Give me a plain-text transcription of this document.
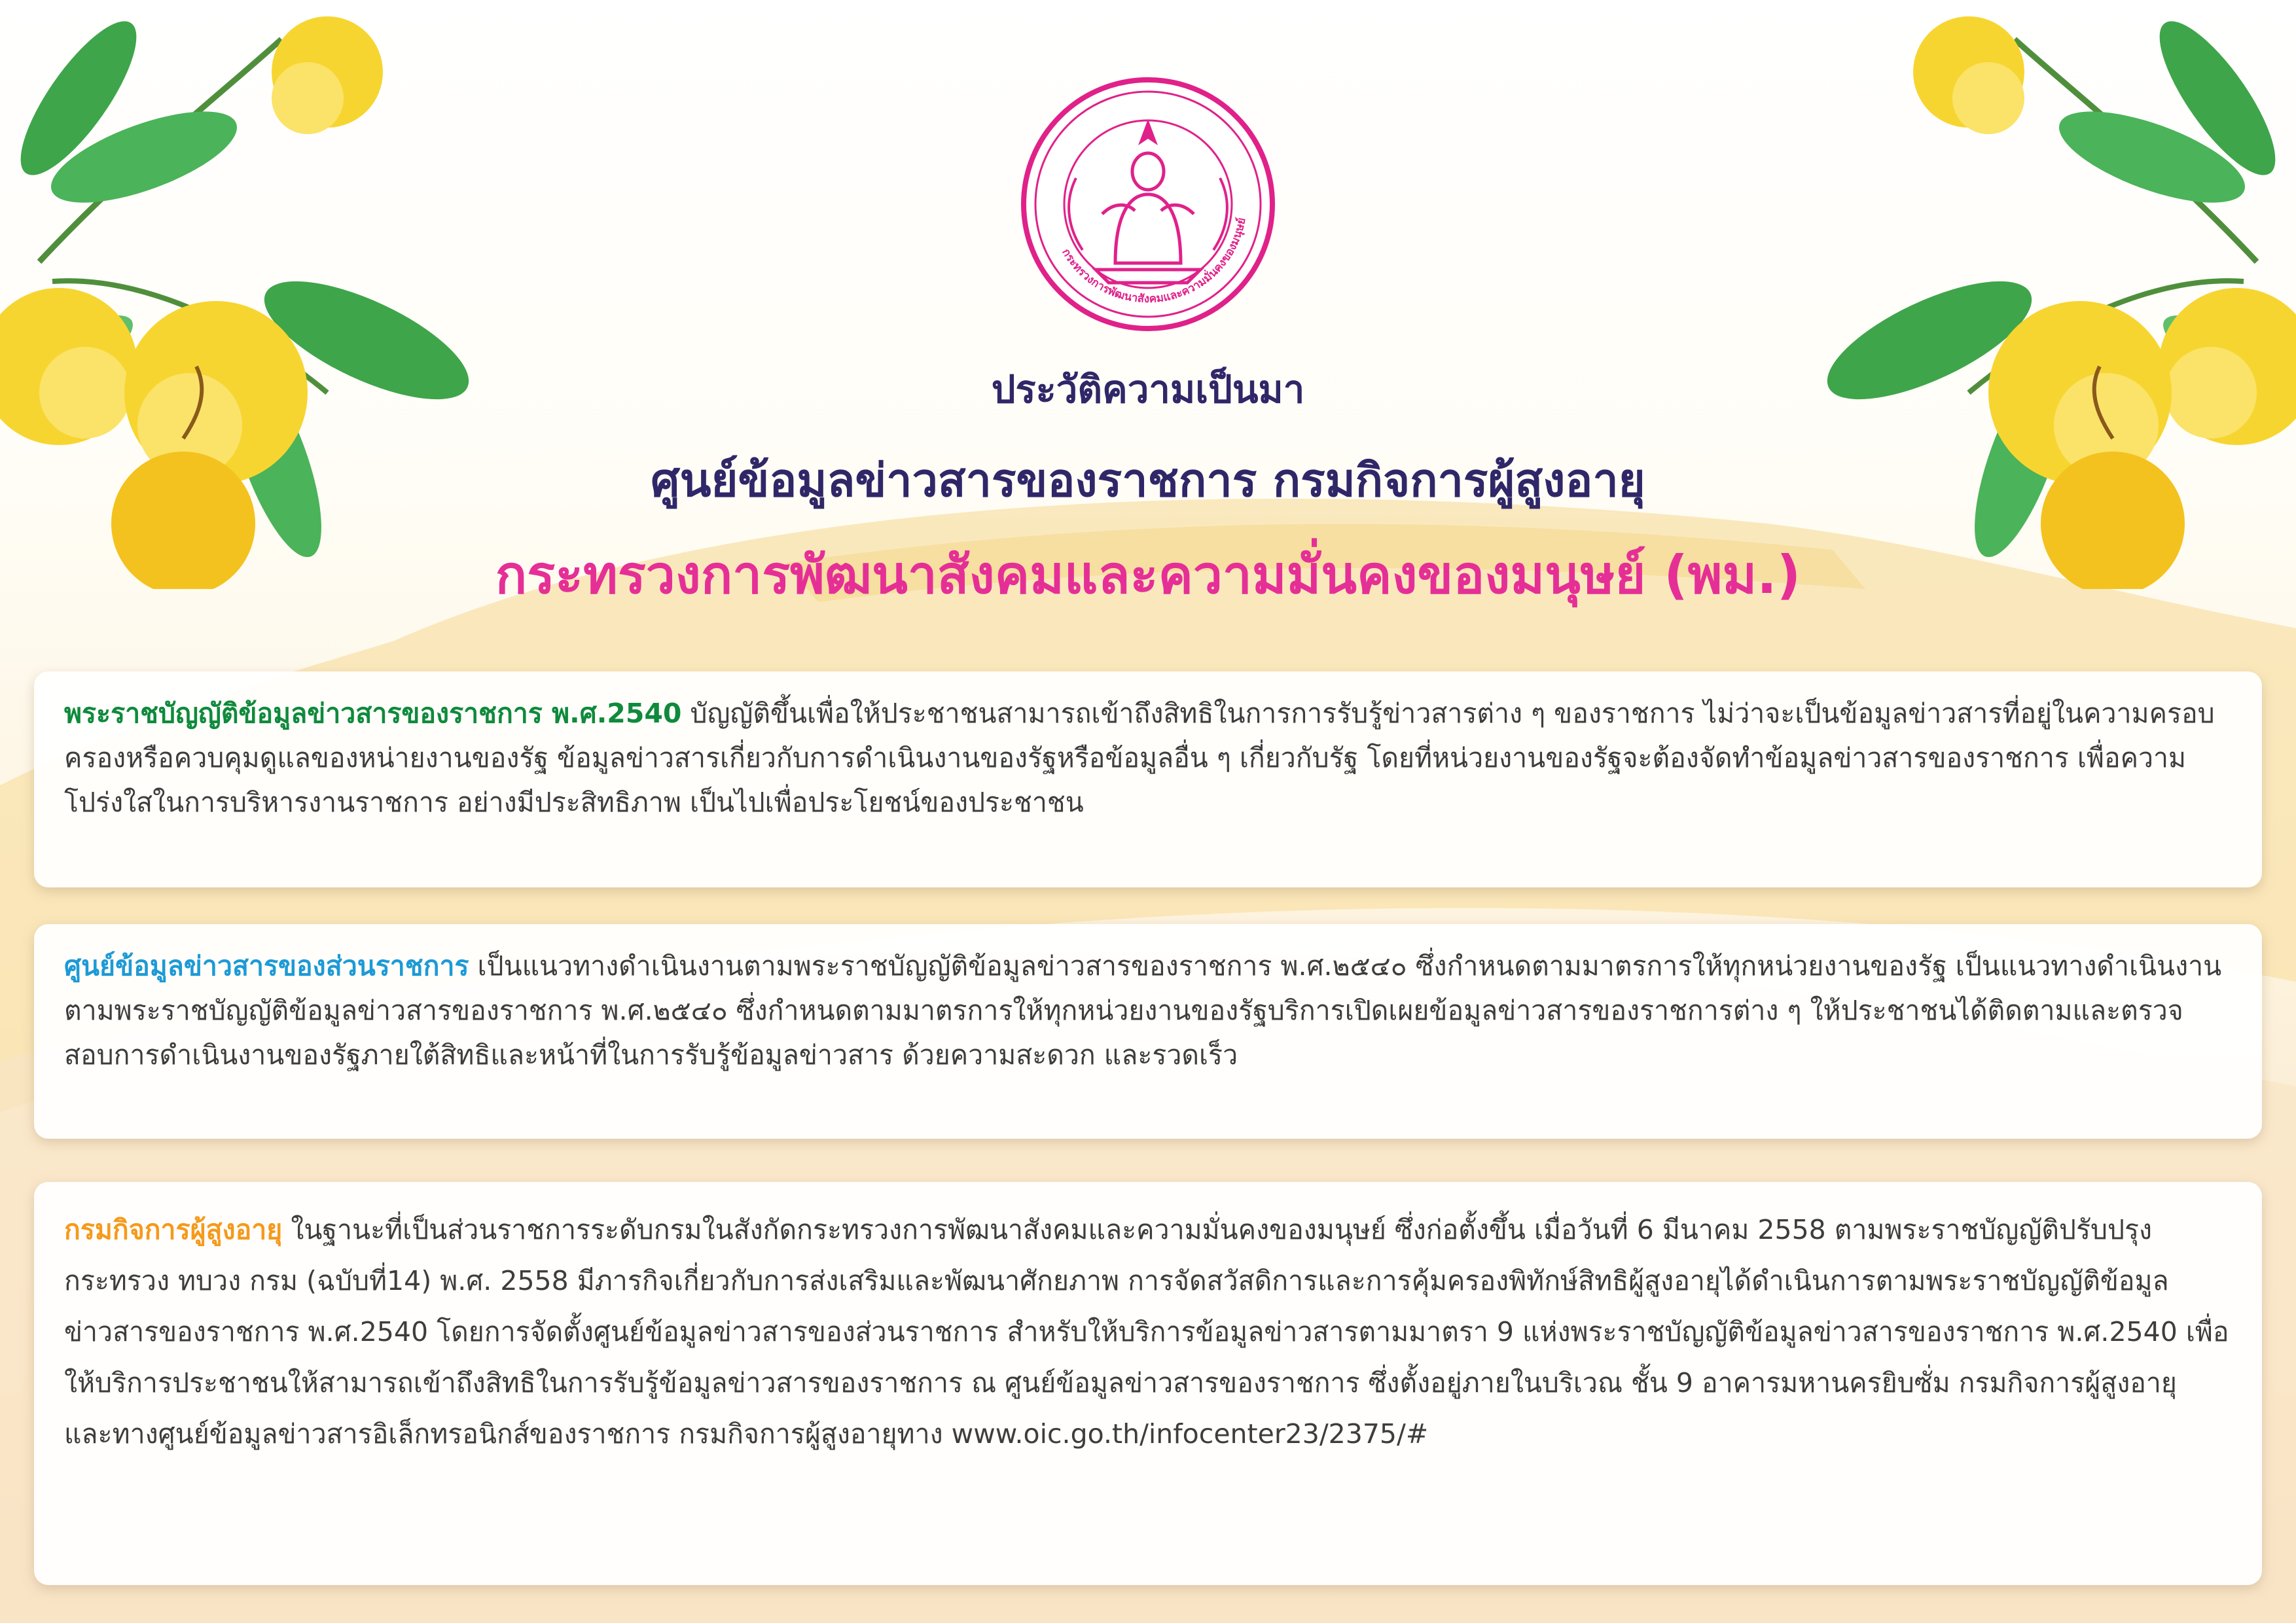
กระทรวงการพัฒนาสังคมและความมั่นคงของมนุษย์
ประวัติความเป็นมา
ศูนย์ข้อมูลข่าวสารของราชการ กรมกิจการผู้สูงอายุ
กระทรวงการพัฒนาสังคมและความมั่นคงของมนุษย์ (พม.)

พระราชบัญญัติข้อมูลข่าวสารของราชการ พ.ศ.2540 บัญญัติขึ้นเพื่อให้ประชาชนสามารถเข้าถึงสิทธิในการการรับรู้ข่าวสารต่าง ๆ ของราชการ ไม่ว่าจะเป็นข้อมูลข่าวสารที่อยู่ในความครอบครองหรือควบคุมดูแลของหน่ายงานของรัฐ ข้อมูลข่าวสารเกี่ยวกับการดำเนินงานของรัฐหรือข้อมูลอื่น ๆ เกี่ยวกับรัฐ โดยที่หน่วยงานของรัฐจะต้องจัดทำข้อมูลข่าวสารของราชการ เพื่อความโปร่งใสในการบริหารงานราชการ อย่างมีประสิทธิภาพ เป็นไปเพื่อประโยชน์ของประชาชน

ศูนย์ข้อมูลข่าวสารของส่วนราชการ เป็นแนวทางดำเนินงานตามพระราชบัญญัติข้อมูลข่าวสารของราชการ พ.ศ.๒๕๔๐ ซึ่งกำหนดตามมาตรการให้ทุกหน่วยงานของรัฐ เป็นแนวทางดำเนินงานตามพระราชบัญญัติข้อมูลข่าวสารของราชการ พ.ศ.๒๕๔๐ ซึ่งกำหนดตามมาตรการให้ทุกหน่วยงานของรัฐบริการเปิดเผยข้อมูลข่าวสารของราชการต่าง ๆ ให้ประชาชนได้ติดตามและตรวจสอบการดำเนินงานของรัฐภายใต้สิทธิและหน้าที่ในการรับรู้ข้อมูลข่าวสาร ด้วยความสะดวก และรวดเร็ว

กรมกิจการผู้สูงอายุ ในฐานะที่เป็นส่วนราชการระดับกรมในสังกัดกระทรวงการพัฒนาสังคมและความมั่นคงของมนุษย์ ซึ่งก่อตั้งขึ้น เมื่อวันที่ 6 มีนาคม 2558 ตามพระราชบัญญัติปรับปรุงกระทรวง ทบวง กรม (ฉบับที่14) พ.ศ. 2558 มีภารกิจเกี่ยวกับการส่งเสริมและพัฒนาศักยภาพ การจัดสวัสดิการและการคุ้มครองพิทักษ์สิทธิผู้สูงอายุได้ดำเนินการตามพระราชบัญญัติข้อมูลข่าวสารของราชการ พ.ศ.2540 โดยการจัดตั้งศูนย์ข้อมูลข่าวสารของส่วนราชการ สำหรับให้บริการข้อมูลข่าวสารตามมาตรา 9 แห่งพระราชบัญญัติข้อมูลข่าวสารของราชการ พ.ศ.2540 เพื่อให้บริการประชาชนให้สามารถเข้าถึงสิทธิในการรับรู้ข้อมูลข่าวสารของราชการ ณ ศูนย์ข้อมูลข่าวสารของราชการ ซึ่งตั้งอยู่ภายในบริเวณ ชั้น 9 อาคารมหานครยิบซั่ม กรมกิจการผู้สูงอายุ และทางศูนย์ข้อมูลข่าวสารอิเล็กทรอนิกส์ของราชการ กรมกิจการผู้สูงอายุทาง www.oic.go.th/infocenter23/2375/#
